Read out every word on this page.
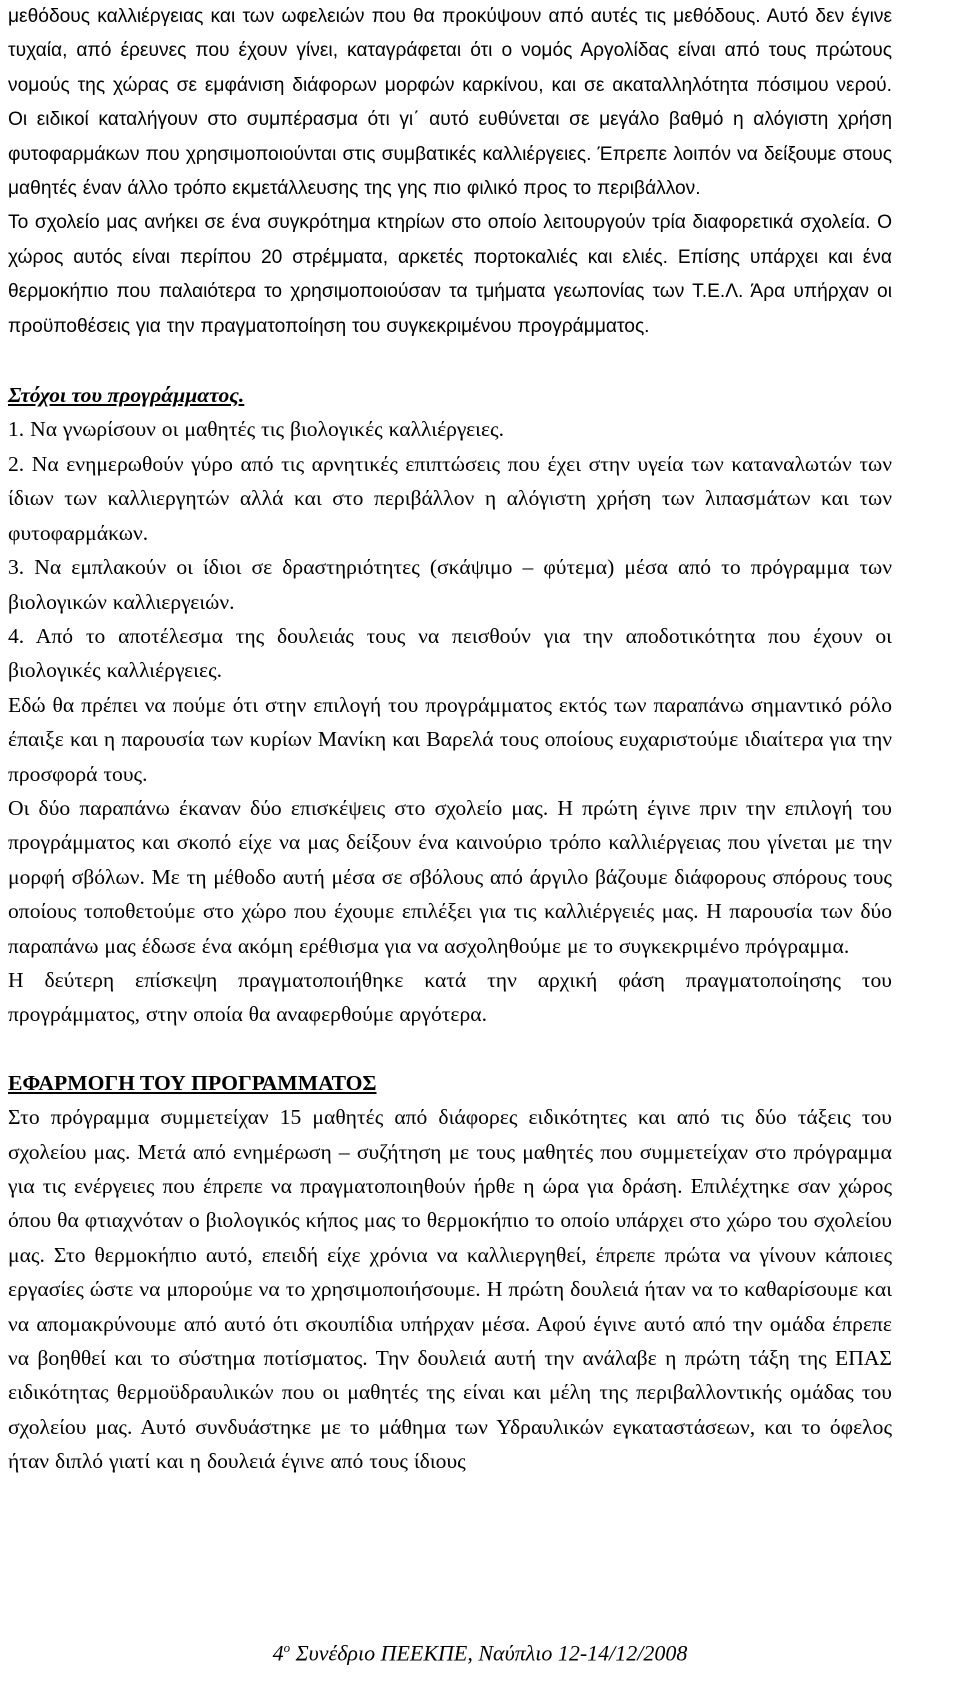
μεθόδους καλλιέργειας και των ωφελειών που θα προκύψουν από αυτές τις μεθόδους. Αυτό δεν έγινε τυχαία, από έρευνες που έχουν γίνει, καταγράφεται ότι ο νομός Αργολίδας είναι από τους πρώτους νομούς της χώρας σε εμφάνιση διάφορων μορφών καρκίνου, και σε ακαταλληλότητα πόσιμου νερού. Οι ειδικοί καταλήγουν στο συμπέρασμα ότι γι΄ αυτό ευθύνεται σε μεγάλο βαθμό η αλόγιστη χρήση φυτοφαρμάκων που χρησιμοποιούνται στις συμβατικές καλλιέργειες. Έπρεπε λοιπόν να δείξουμε στους μαθητές έναν άλλο τρόπο εκμετάλλευσης της γης πιο φιλικό προς το περιβάλλον.

Το σχολείο μας ανήκει σε ένα συγκρότημα κτηρίων στο οποίο λειτουργούν τρία διαφορετικά σχολεία. Ο χώρος αυτός είναι περίπου 20 στρέμματα, αρκετές πορτοκαλιές και ελιές. Επίσης υπάρχει και ένα θερμοκήπιο που παλαιότερα το χρησιμοποιούσαν τα τμήματα γεωπονίας των Τ.Ε.Λ. Άρα υπήρχαν οι προϋποθέσεις για την πραγματοποίηση του συγκεκριμένου προγράμματος.

Στόχοι του προγράμματος.

1. Να γνωρίσουν οι μαθητές τις βιολογικές καλλιέργειες.

2. Να ενημερωθούν γύρο από τις αρνητικές επιπτώσεις που έχει στην υγεία των καταναλωτών των ίδιων των καλλιεργητών αλλά και στο περιβάλλον η αλόγιστη χρήση των λιπασμάτων και των φυτοφαρμάκων.

3. Να εμπλακούν οι ίδιοι σε δραστηριότητες (σκάψιμο – φύτεμα) μέσα από το πρόγραμμα των βιολογικών καλλιεργειών.

4. Από το αποτέλεσμα της δουλειάς τους να πεισθούν για την αποδοτικότητα που έχουν οι βιολογικές καλλιέργειες.

Εδώ θα πρέπει να πούμε ότι στην επιλογή του προγράμματος εκτός των παραπάνω σημαντικό ρόλο έπαιξε και η παρουσία των κυρίων Μανίκη και Βαρελά τους οποίους ευχαριστούμε ιδιαίτερα για την προσφορά τους.

Οι δύο παραπάνω έκαναν δύο επισκέψεις στο σχολείο μας. Η πρώτη έγινε πριν την επιλογή του προγράμματος και σκοπό είχε να μας δείξουν ένα καινούριο τρόπο καλλιέργειας που γίνεται με την μορφή σβόλων. Με τη μέθοδο αυτή μέσα σε σβόλους από άργιλο βάζουμε διάφορους σπόρους τους οποίους τοποθετούμε στο χώρο που έχουμε επιλέξει για τις καλλιέργειές μας. Η παρουσία των δύο παραπάνω μας έδωσε ένα ακόμη ερέθισμα για να ασχοληθούμε με το συγκεκριμένο πρόγραμμα.

Η δεύτερη επίσκεψη πραγματοποιήθηκε κατά την αρχική φάση πραγματοποίησης του προγράμματος, στην οποία θα αναφερθούμε αργότερα.

ΕΦΑΡΜΟΓΗ ΤΟΥ ΠΡΟΓΡΑΜΜΑΤΟΣ

Στο πρόγραμμα συμμετείχαν 15 μαθητές από διάφορες ειδικότητες και από τις δύο τάξεις του σχολείου μας. Μετά από ενημέρωση – συζήτηση με τους μαθητές που συμμετείχαν στο πρόγραμμα για τις ενέργειες που έπρεπε να πραγματοποιηθούν ήρθε η ώρα για δράση. Επιλέχτηκε σαν χώρος όπου θα φτιαχνόταν ο βιολογικός κήπος μας το θερμοκήπιο το οποίο υπάρχει στο χώρο του σχολείου μας. Στο θερμοκήπιο αυτό, επειδή είχε χρόνια να καλλιεργηθεί, έπρεπε πρώτα να γίνουν κάποιες εργασίες ώστε να μπορούμε να το χρησιμοποιήσουμε. Η πρώτη δουλειά ήταν να το καθαρίσουμε και να απομακρύνουμε από αυτό ότι σκουπίδια υπήρχαν μέσα. Αφού έγινε αυτό από την ομάδα έπρεπε να βοηθθεί και το σύστημα ποτίσματος. Την δουλειά αυτή την ανάλαβε η πρώτη τάξη της ΕΠΑΣ ειδικότητας θερμοϋδραυλικών που οι μαθητές της είναι και μέλη της περιβαλλοντικής ομάδας του σχολείου μας. Αυτό συνδυάστηκε με το μάθημα των Υδραυλικών εγκαταστάσεων, και το όφελος ήταν διπλό γιατί και η δουλειά έγινε από τους ίδιους

$4^o$ Συνέδριο ΠΕΕΚΠΕ, Ναύπλιο 12-14/12/2008
